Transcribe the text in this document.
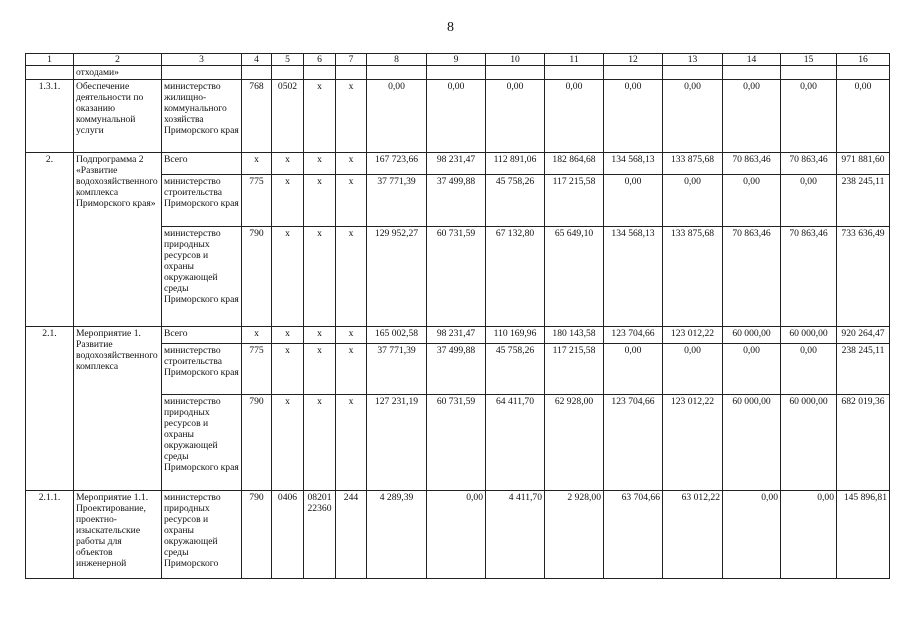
8
1	2	3	4	5	6	7	8	9	10	11	12	13	14	15	16
	отходами»														
1.3.1.	Обеспечение деятельности по оказанию коммунальной услуги	министерство жилищно-коммунального хозяйства Приморского края	768	0502	x	x	0,00	0,00	0,00	0,00	0,00	0,00	0,00	0,00	0,00
2.	Подпрограмма 2 «Развитие водохозяйственного комплекса Приморского края»	Всего	x	x	x	x	167 723,66	98 231,47	112 891,06	182 864,68	134 568,13	133 875,68	70 863,46	70 863,46	971 881,60
		министерство строительства Приморского края	775	x	x	x	37 771,39	37 499,88	45 758,26	117 215,58	0,00	0,00	0,00	0,00	238 245,11
		министерство природных ресурсов и охраны окружающей среды Приморского края	790	x	x	x	129 952,27	60 731,59	67 132,80	65 649,10	134 568,13	133 875,68	70 863,46	70 863,46	733 636,49
2.1.	Мероприятие 1. Развитие водохозяйственного комплекса	Всего	x	x	x	x	165 002,58	98 231,47	110 169,96	180 143,58	123 704,66	123 012,22	60 000,00	60 000,00	920 264,47
		министерство строительства Приморского края	775	x	x	x	37 771,39	37 499,88	45 758,26	117 215,58	0,00	0,00	0,00	0,00	238 245,11
		министерство природных ресурсов и охраны окружающей среды Приморского края	790	x	x	x	127 231,19	60 731,59	64 411,70	62 928,00	123 704,66	123 012,22	60 000,00	60 000,00	682 019,36
2.1.1.	Мероприятие 1.1. Проектирование, проектно-изыскательские работы для объектов инженерной	министерство природных ресурсов и охраны окружающей среды Приморского	790	0406	08201 22360	244	4 289,39	0,00	4 411,70	2 928,00	63 704,66	63 012,22	0,00	0,00	145 896,81
